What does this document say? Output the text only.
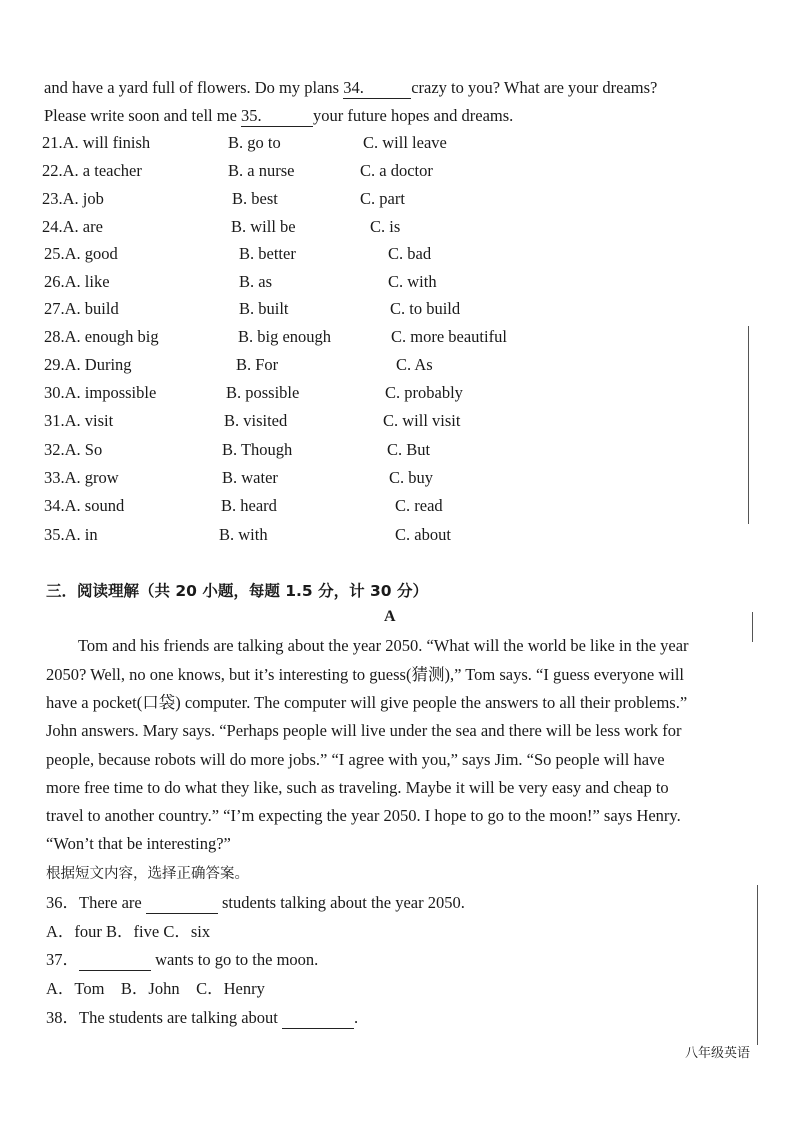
and have a yard full of flowers. Do my plans 34.	crazy to you? What are your dreams?
Please write soon and tell me 35.	your future hopes and dreams.
21.A. will finish	B. go to	C. will leave
22.A. a teacher	B. a nurse	C. a doctor
23.A. job	B. best	C. part
24.A. are	B. will be	C. is
25.A. good	B. better	C. bad
26.A. like	B. as	C. with
27.A. build	B. built	C. to build
28.A. enough big	B. big enough	C. more beautiful
29.A. During	B. For	C. As
30.A. impossible	B. possible	C. probably
31.A. visit	B. visited	C. will visit
32.A. So	B. Though	C. But
33.A. grow	B. water	C. buy
34.A. sound	B. heard	C. read
35.A. in	B. with	C. about
三．阅读理解（共 20 小题，每题 1.5 分，计 30 分）
A
Tom and his friends are talking about the year 2050. “What will the world be like in the year
2050? Well, no one knows, but it’s interesting to guess(猜测),” Tom says. “I guess everyone will
have a pocket(口袋) computer. The computer will give people the answers to all their problems.”
John answers. Mary says. “Perhaps people will live under the sea and there will be less work for
people, because robots will do more jobs.” “I agree with you,” says Jim. “So people will have
more free time to do what they like, such as traveling. Maybe it will be very easy and cheap to
travel to another country.” “I’m expecting the year 2050. I hope to go to the moon!” says Henry.
“Won’t that be interesting?”
根据短文内容，选择正确答案。
36．There are	students talking about the year 2050.
A．four B．five C．six
37．	wants to go to the moon.
A．Tom    B．John    C．Henry
38．The students are talking about	.
八年级英语
